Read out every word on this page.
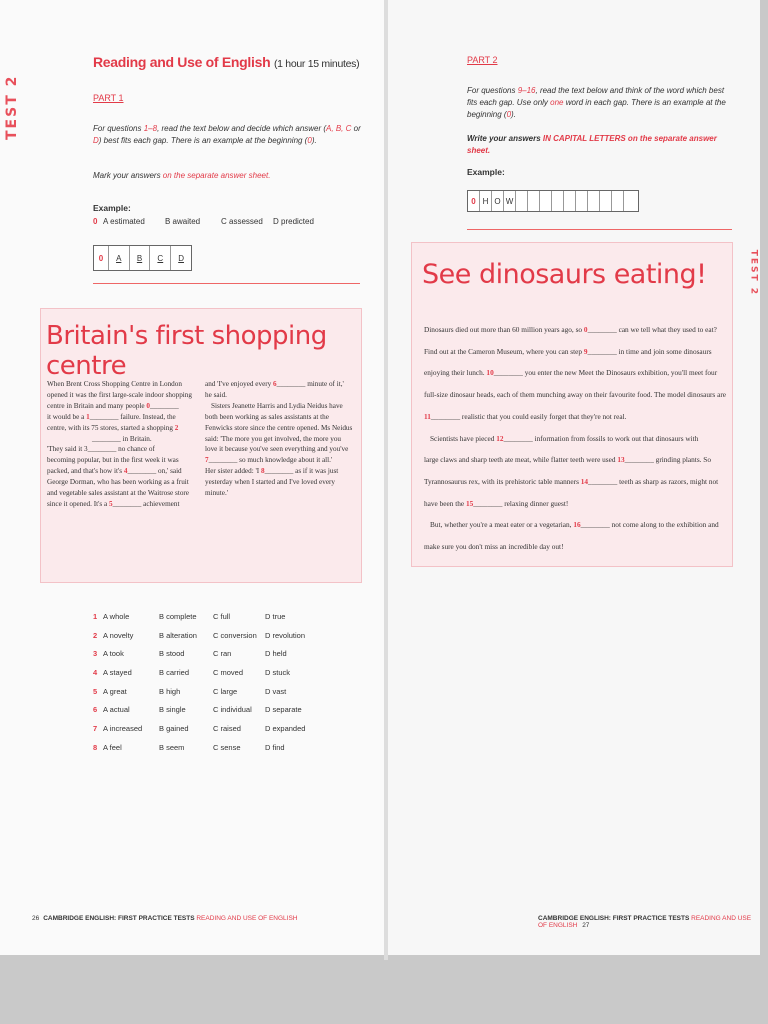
TEST 2
Reading and Use of English (1 hour 15 minutes)
PART 1
For questions 1–8, read the text below and decide which answer (A, B, C or D) best fits each gap. There is an example at the beginning (0).
Mark your answers on the separate answer sheet.
Example:
0 A estimated	B awaited	C assessed	D predicted
0	A	B	C	D
Britain's first shopping centre
When Brent Cross Shopping Centre in London
opened it was the first large-scale indoor shopping
centre in Britain and many people 0________
it would be a 1________ failure. Instead, the
centre, with its 75 stores, started a shopping 2
________ in Britain.
'They said it 3________ no chance of
becoming popular, but in the first week it was
packed, and that's how it's 4________ on,' said
George Dorman, who has been working as a fruit
and vegetable sales assistant at the Waitrose store
since it opened. It's a 5________ achievement
and 'I've enjoyed every 6________ minute of it,'
he said.
Sisters Jeanette Harris and Lydia Neidus have
both been working as sales assistants at the
Fenwicks store since the centre opened. Ms Neidus
said: 'The more you get involved, the more you
love it because you've seen everything and you've
7________ so much knowledge about it all.'
Her sister added: 'I 8________ as if it was just
yesterday when I started and I've loved every
minute.'
1 A whole	B complete	C full	D true
2 A novelty	B alteration	C conversion	D revolution
3 A took	B stood	C ran	D held
4 A stayed	B carried	C moved	D stuck
5 A great	B high	C large	D vast
6 A actual	B single	C individual	D separate
7 A increased	B gained	C raised	D expanded
8 A feel	B seem	C sense	D find
26 CAMBRIDGE ENGLISH: FIRST PRACTICE TESTS READING AND USE OF ENGLISH
TEST 2
PART 2
For questions 9–16, read the text below and think of the word which best fits each gap. Use only one word in each gap. There is an example at the beginning (0).
Write your answers IN CAPITAL LETTERS on the separate answer sheet.
Example:
0 H O W
See dinosaurs eating!
Dinosaurs died out more than 60 million years ago, so 0________ can we tell what they used to eat?
Find out at the Cameron Museum, where you can step 9________ in time and join some dinosaurs
enjoying their lunch. 10________ you enter the new Meet the Dinosaurs exhibition, you'll meet four
full-size dinosaur heads, each of them munching away on their favourite food. The model dinosaurs are
11________ realistic that you could easily forget that they're not real.
Scientists have pieced 12________ information from fossils to work out that dinosaurs with
large claws and sharp teeth ate meat, while flatter teeth were used 13________ grinding plants. So
Tyrannosaurus rex, with its prehistoric table manners 14________ teeth as sharp as razors, might not
have been the 15________ relaxing dinner guest!
But, whether you're a meat eater or a vegetarian, 16________ not come along to the exhibition and
make sure you don't miss an incredible day out!
CAMBRIDGE ENGLISH: FIRST PRACTICE TESTS READING AND USE OF ENGLISH 27
